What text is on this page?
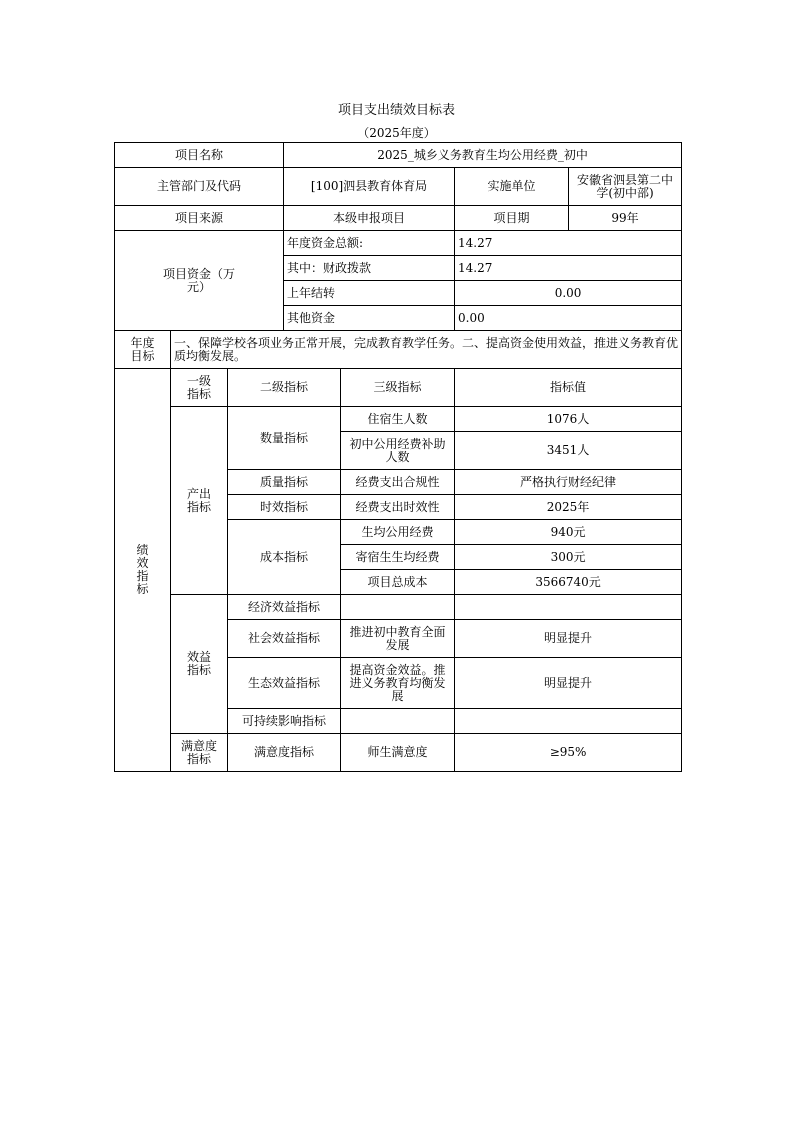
项目支出绩效目标表
（2025年度）
项目名称			2025_城乡义务教育生均公用经费_初中			
主管部门及代码			[100]泗县教育体育局		实施单位	安徽省泗县第二中学(初中部)
项目来源			本级申报项目		项目期	99年
项目资金（万元）			年度资金总额:		14.27	
			其中：财政拨款		14.27	
			上年结转		0.00	
			其他资金		0.00	
年度目标	一、保障学校各项业务正常开展，完成教育教学任务。二、提高资金使用效益，推进义务教育优质均衡发展。					
绩效指标	一级指标	二级指标		三级指标	指标值	
	产出指标	数量指标		住宿生人数	1076人	
				初中公用经费补助人数	3451人	
		质量指标		经费支出合规性	严格执行财经纪律	
		时效指标		经费支出时效性	2025年	
		成本指标		生均公用经费	940元	
				寄宿生生均经费	300元	
				项目总成本	3566740元	

	效益指标	经济效益指标				
		社会效益指标		推进初中教育全面发展	明显提升	
		生态效益指标		提高资金效益。推进义务教育均衡发展	明显提升	
		可持续影响指标				
	满意度指标	满意度指标		师生满意度	≥95%	
